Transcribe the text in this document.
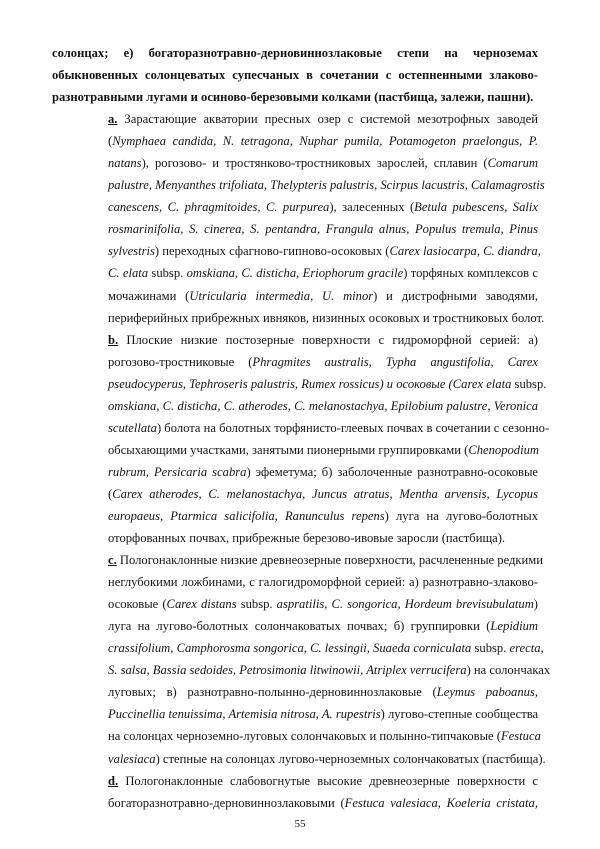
солонцах; е) богаторазнотравно-дерновиннозлаковые степи на черноземах
обыкновенных солонцеватых супесчаных в сочетании с остепненными злаково-
разнотравными лугами и осиново-березовыми колками (пастбища, залежи, пашни).
a. Зарастающие акватории пресных озер с системой мезотрофных заводей
(Nymphaea candida, N. tetragona, Nuphar pumila, Potamogeton praelongus, P.
natans), рогозово- и тростянково-тростниковых зарослей, сплавин (Comarum
palustre, Menyanthes trifoliata, Thelypteris palustris, Scirpus lacustris, Calamagrostis
canescens, C. phragmitoides, C. purpurea), залесенных (Betula pubescens, Salix
rosmarinifolia, S. cinerea, S. pentandra, Frangula alnus, Populus tremula, Pinus
sylvestris) переходных сфагново-гипново-осоковых (Carex lasiocarpa, C. diandra,
C. elata subsp. omskiana, C. disticha, Eriophorum gracile) торфяных комплексов с
мочажинами (Utricularia intermedia, U. minor) и дистрофными заводями,
периферийных прибрежных ивняков, низинных осоковых и тростниковых болот.
b. Плоские низкие постозерные поверхности с гидроморфной серией: а)
рогозово-тростниковые (Phragmites australis, Typha angustifolia, Carex
pseudocyperus, Tephroseris palustris, Rumex rossicus) и осоковые (Carex elata subsp.
omskiana, C. disticha, C. atherodes, C. melanostachya, Epilobium palustre, Veronica
scutellata) болота на болотных торфянисто-глеевых почвах в сочетании с сезонно-
обсыхающими участками, занятыми пионерными группировками (Chenopodium
rubrum, Persicaria scabra) эфеметума; б) заболоченные разнотравно-осоковые
(Carex atherodes, C. melanostachya, Juncus atratus, Mentha arvensis, Lycopus
europaeus, Ptarmica salicifolia, Ranunculus repens) луга на лугово-болотных
оторфованных почвах, прибрежные березово-ивовые заросли (пастбища).
c. Пологонаклонные низкие древнеозерные поверхности, расчлененные редкими
неглубокими ложбинами, с галогидроморфной серией: а) разнотравно-злаково-
осоковые (Carex distans subsp. aspratilis, C. songorica, Hordeum brevisubulatum)
луга на лугово-болотных солончаковатых почвах; б) группировки (Lepidium
crassifolium, Camphorosma songorica, C. lessingii, Suaeda corniculata subsp. erecta,
S. salsa, Bassia sedoides, Petrosimonia litwinowii, Atriplex verrucifera) на солончаках
луговых; в) разнотравно-полынно-дерновиннозлаковые (Leymus paboanus,
Puccinellia tenuissima, Artemisia nitrosa, A. rupestris) лугово-степные сообщества
на солонцах черноземно-луговых солончаковых и полынно-типчаковые (Festuca
valesiaca) степные на солонцах лугово-черноземных солончаковатых (пастбища).
d. Пологонаклонные слабовогнутые высокие древнеозерные поверхности с
богаторазнотравно-дерновиннозлаковыми (Festuca valesiaca, Koeleria cristata,
55
